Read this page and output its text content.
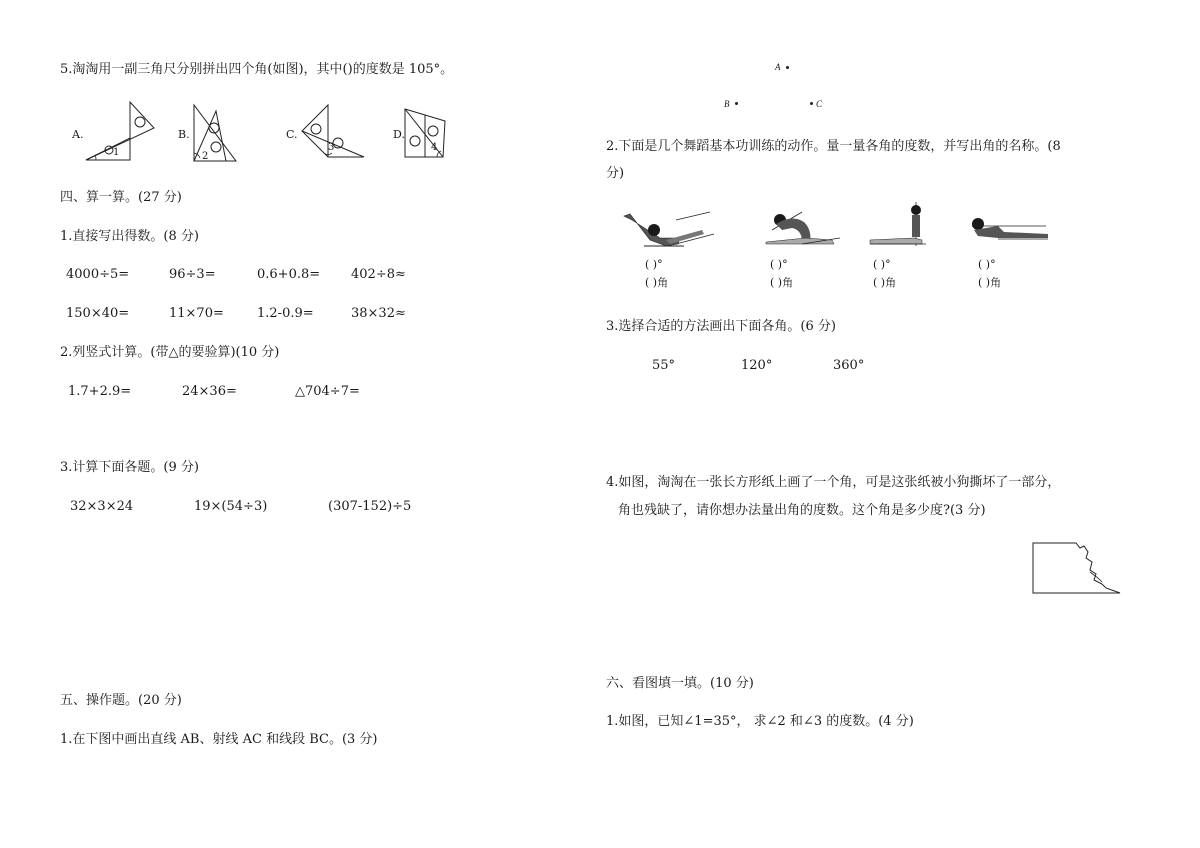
5.淘淘用一副三角尺分别拼出四个角(如图)，其中()的度数是 105°。
A.
1
B.
2
C.
3
D.
4
四、算一算。(27 分)
1.直接写出得数。(8 分)
4000÷5=	96÷3=	0.6+0.8= 402÷8≈
150×40=	11×70=	1.2-0.9=	38×32≈
2.列竖式计算。(带△的要验算)(10 分)
1.7+2.9=	24×36=	△704÷7=
3.计算下面各题。(9 分)
32×3×24	19×(54÷3)	(307-152)÷5
五、操作题。(20 分)
1.在下图中画出直线 AB、射线 AC 和线段 BC。(3 分)
A
B	C
2.下面是几个舞蹈基本功训练的动作。量一量各角的度数，并写出角的名称。(8
分)
( )°
( )角
( )°
( )角
( )°
( )角
( )°
( )角
3.选择合适的方法画出下面各角。(6 分)
55°	120°	360°
4.如图，淘淘在一张长方形纸上画了一个角，可是这张纸被小狗撕坏了一部分，
角也残缺了，请你想办法量出角的度数。这个角是多少度?(3 分)
六、看图填一填。(10 分)
1.如图，已知∠1=35°， 求∠2 和∠3 的度数。(4 分)
